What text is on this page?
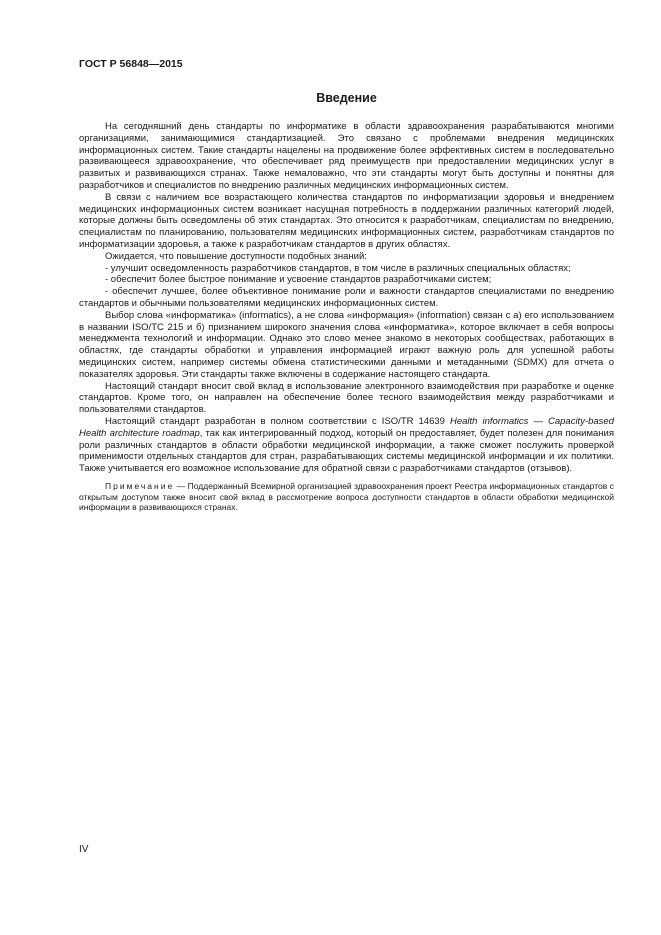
ГОСТ Р 56848—2015

Введение

На сегодняшний день стандарты по информатике в области здравоохранения разрабатываются многими организациями, занимающимися стандартизацией. Это связано с проблемами внедрения медицинских информационных систем. Такие стандарты нацелены на продвижение более эффективных систем в последовательно развивающееся здравоохранение, что обеспечивает ряд преимуществ при предоставлении медицинских услуг в развитых и развивающихся странах. Также немаловажно, что эти стандарты могут быть доступны и понятны для разработчиков и специалистов по внедрению различных медицинских информационных систем.

В связи с наличием все возрастающего количества стандартов по информатизации здоровья и внедрением медицинских информационных систем возникает насущная потребность в поддержании различных категорий людей, которые должны быть осведомлены об этих стандартах. Это относится к разработчикам, специалистам по внедрению, специалистам по планированию, пользователям медицинских информационных систем, разработчикам стандартов по информатизации здоровья, а также к разработчикам стандартов в других областях.

Ожидается, что повышение доступности подобных знаний:

- улучшит осведомленность разработчиков стандартов, в том числе в различных специальных областях;

- обеспечит более быстрое понимание и усвоение стандартов разработчиками систем;

- обеспечит лучшее, более объективное понимание роли и важности стандартов специалистами по внедрению стандартов и обычными пользователями медицинских информационных систем.

Выбор слова «информатика» (informatics), а не слова «информация» (information) связан с а) его использованием в названии ISO/TC 215 и б) признанием широкого значения слова «информатика», которое включает в себя вопросы менеджмента технологий и информации. Однако это слово менее знакомо в некоторых сообществах, работающих в областях, где стандарты обработки и управления информацией играют важную роль для успешной работы медицинских систем, например системы обмена статистическими данными и метаданными (SDMX) для отчета о показателях здоровья. Эти стандарты также включены в содержание настоящего стандарта.

Настоящий стандарт вносит свой вклад в использование электронного взаимодействия при разработке и оценке стандартов. Кроме того, он направлен на обеспечение более тесного взаимодействия между разработчиками и пользователями стандартов.

Настоящий стандарт разработан в полном соответствии с ISO/TR 14639 Health informatics — Capacity-based Health architecture roadmap, так как интегрированный подход, который он предоставляет, будет полезен для понимания роли различных стандартов в области обработки медицинской информации, а также сможет послужить проверкой применимости отдельных стандартов для стран, разрабатывающих системы медицинской информации и их политики. Также учитывается его возможное использование для обратной связи с разработчиками стандартов (отзывов).

Примечание — Поддержанный Всемирной организацией здравоохранения проект Реестра информационных стандартов с открытым доступом также вносит свой вклад в рассмотрение вопроса доступности стандартов в области обработки медицинской информации в развивающихся странах.

IV
